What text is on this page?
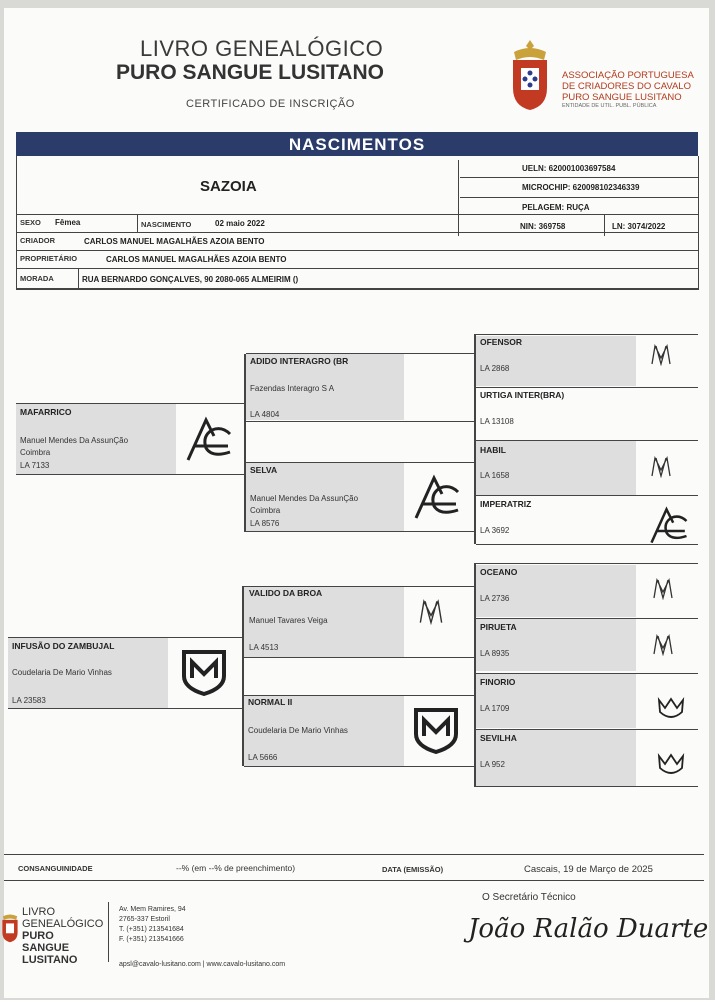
LIVRO GENEALÓGICO
PURO SANGUE LUSITANO
CERTIFICADO DE INSCRIÇÃO
ASSOCIAÇÃO PORTUGUESA
DE CRIADORES DO CAVALO
PURO SANGUE LUSITANO
ENTIDADE DE UTIL. PUBL. PÚBLICA
NASCIMENTOS
SAZOIA
UELN: 620001003697584
MICROCHIP: 620098102346339
PELAGEM: RUÇA
NIN: 369758	LN: 3074/2022
SEXO Fêmea	NASCIMENTO	02 maio 2022
CRIADOR	CARLOS MANUEL MAGALHÃES AZOIA BENTO
PROPRIETÁRIO	CARLOS MANUEL MAGALHÃES AZOIA BENTO
MORADA	RUA BERNARDO GONÇALVES, 90 2080-065 ALMEIRIM ()
MAFARRICO
Manuel Mendes Da AssunÇão
Coimbra
LA 7133
INFUSÃO DO ZAMBUJAL
Coudelaria De Mario Vinhas
LA 23583
ADIDO INTERAGRO (BR
Fazendas Interagro S A
LA 4804
SELVA
Manuel Mendes Da AssunÇão
Coimbra
LA 8576
VALIDO DA BROA
Manuel Tavares Veiga
LA 4513
NORMAL II
Coudelaria De Mario Vinhas
LA 5666
OFENSOR
LA 2868
URTIGA INTER(BRA)
LA 13108
HABIL
LA 1658
IMPERATRIZ
LA 3692
OCEANO
LA 2736
PIRUETA
LA 8935
FINORIO
LA 1709
SEVILHA
LA 952
CONSANGUINIDADE	--% (em --% de preenchimento)	DATA (EMISSÃO)	Cascais, 19 de Março de 2025
LIVRO
GENEALÓGICO
PURO
SANGUE
LUSITANO
Av. Mem Ramires, 94
2765-337 Estoril
T. (+351) 213541684
F. (+351) 213541666
apsl@cavalo-lusitano.com | www.cavalo-lusitano.com
O Secretário Técnico
João Ralão Duarte
